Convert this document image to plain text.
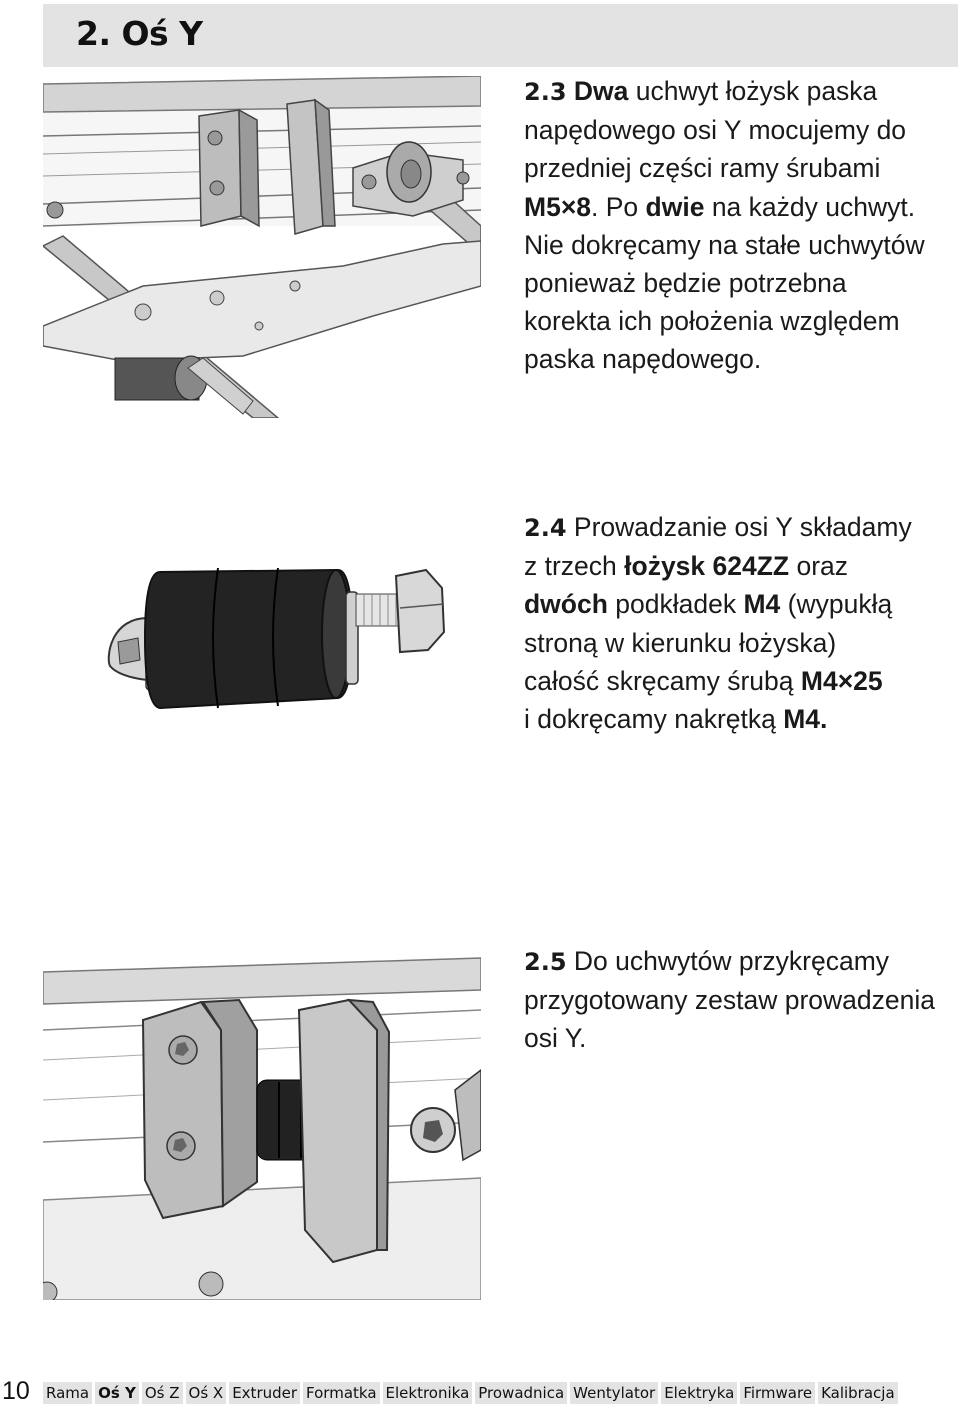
2. Oś Y
2.3 Dwa uchwyt łożysk paska
napędowego osi Y mocujemy do
przedniej części ramy śrubami
M5×8. Po dwie na każdy uchwyt.
Nie dokręcamy na stałe uchwytów
ponieważ będzie potrzebna
korekta ich położenia względem
paska napędowego.
2.4 Prowadzanie osi Y składamy
z trzech łożysk 624ZZ oraz
dwóch podkładek M4 (wypukłą
stroną w kierunku łożyska)
całość skręcamy śrubą M4×25
i dokręcamy nakrętką M4.
2.5 Do uchwytów przykręcamy
przygotowany zestaw prowadzenia
osi Y.
10 Rama Oś Y Oś Z Oś X Extruder Formatka Elektronika Prowadnica Wentylator Elektryka Firmware Kalibracja
